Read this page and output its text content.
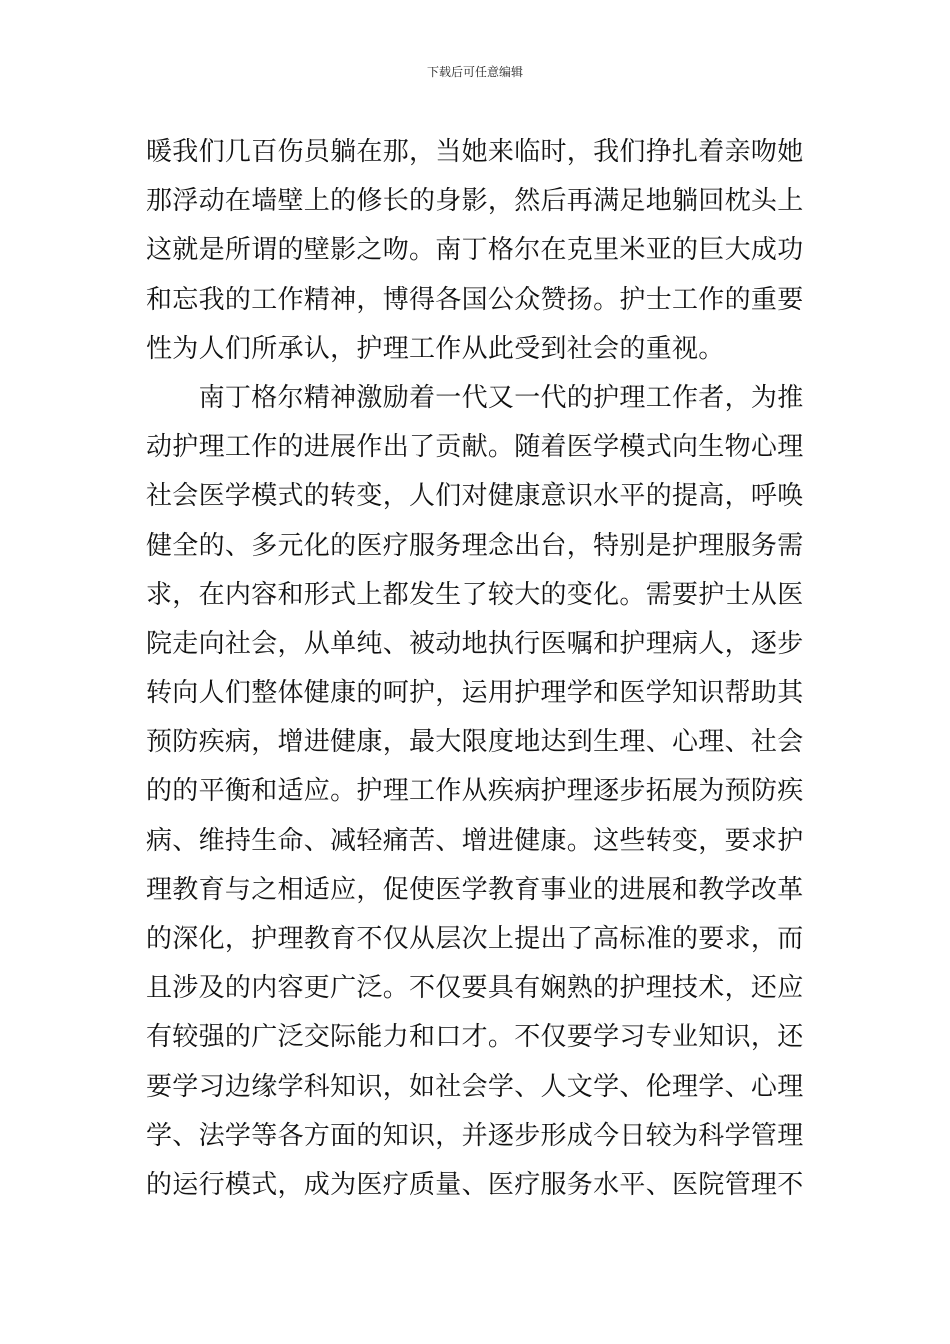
下载后可任意编辑
暖我们几百伤员躺在那，当她来临时，我们挣扎着亲吻她
那浮动在墙壁上的修长的身影，然后再满足地躺回枕头上
这就是所谓的壁影之吻。南丁格尔在克里米亚的巨大成功
和忘我的工作精神，博得各国公众赞扬。护士工作的重要
性为人们所承认，护理工作从此受到社会的重视。
　　南丁格尔精神激励着一代又一代的护理工作者，为推
动护理工作的进展作出了贡献。随着医学模式向生物心理
社会医学模式的转变，人们对健康意识水平的提高，呼唤
健全的、多元化的医疗服务理念出台，特别是护理服务需
求，在内容和形式上都发生了较大的变化。需要护士从医
院走向社会，从单纯、被动地执行医嘱和护理病人，逐步
转向人们整体健康的呵护，运用护理学和医学知识帮助其
预防疾病，增进健康，最大限度地达到生理、心理、社会
的的平衡和适应。护理工作从疾病护理逐步拓展为预防疾
病、维持生命、减轻痛苦、增进健康。这些转变，要求护
理教育与之相适应，促使医学教育事业的进展和教学改革
的深化，护理教育不仅从层次上提出了高标准的要求，而
且涉及的内容更广泛。不仅要具有娴熟的护理技术，还应
有较强的广泛交际能力和口才。不仅要学习专业知识，还
要学习边缘学科知识，如社会学、人文学、伦理学、心理
学、法学等各方面的知识，并逐步形成今日较为科学管理
的运行模式，成为医疗质量、医疗服务水平、医院管理不
